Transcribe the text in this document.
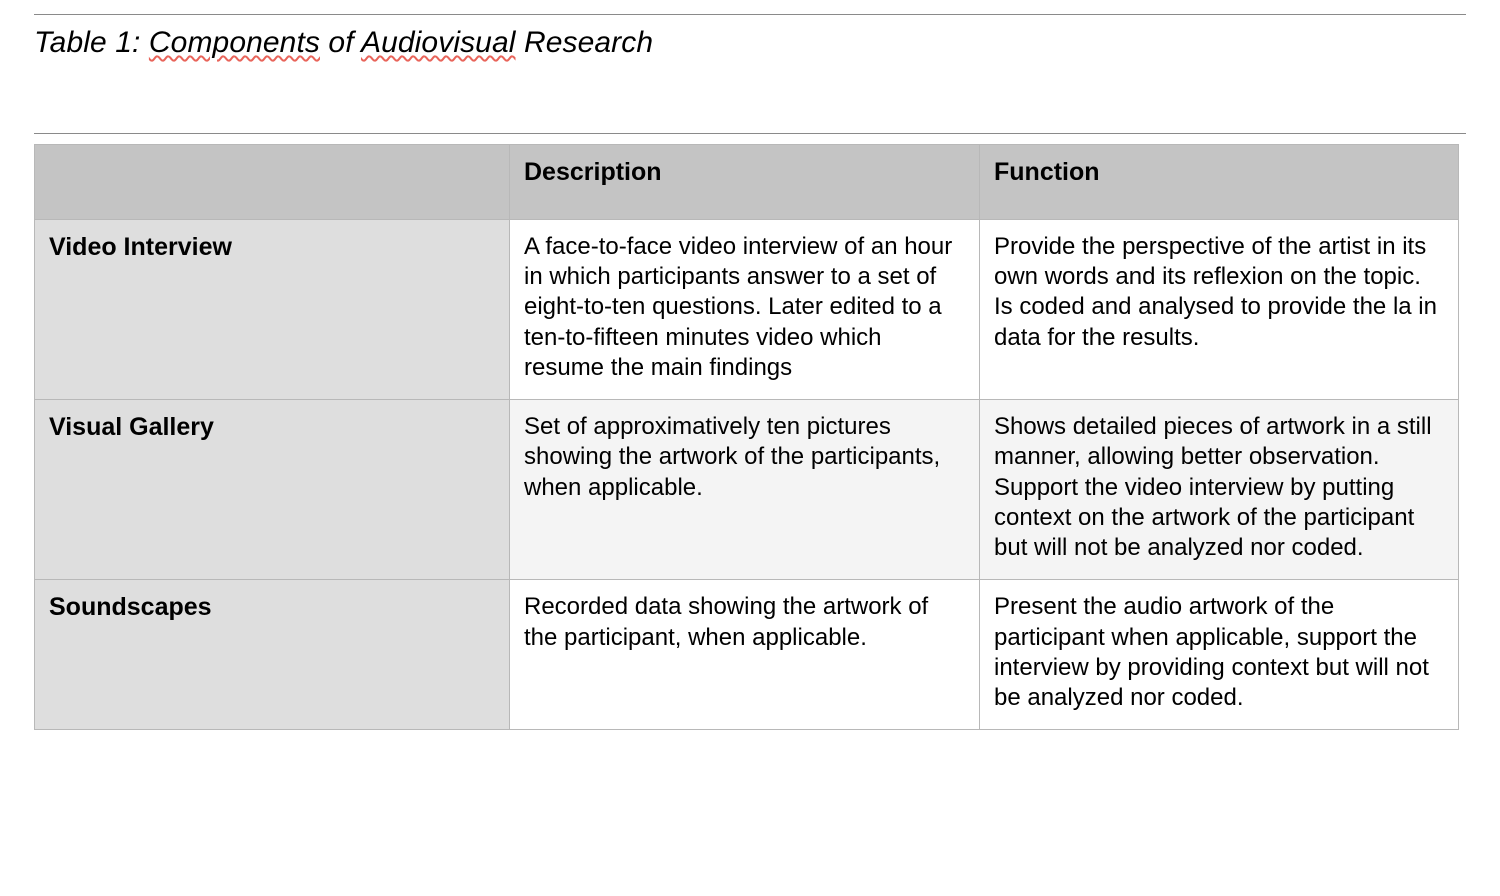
Table 1: Components of Audiovisual Research
	Description	Function
Video Interview	A face-to-face video interview of an hour in which participants answer to a set of eight-to-ten questions. Later edited to a ten-to-fifteen minutes video which resume the main findings	Provide the perspective of the artist in its own words and its reflexion on the topic. Is coded and analysed to provide the la in data for the results.
Visual Gallery	Set of approximatively ten pictures showing the artwork of the participants, when applicable.	Shows detailed pieces of artwork in a still manner, allowing better observation. Support the video interview by putting context on the artwork of the participant but will not be analyzed nor coded.
Soundscapes	Recorded data showing the artwork of the participant, when applicable.	Present the audio artwork of the participant when applicable, support the interview by providing context but will not be analyzed nor coded.
